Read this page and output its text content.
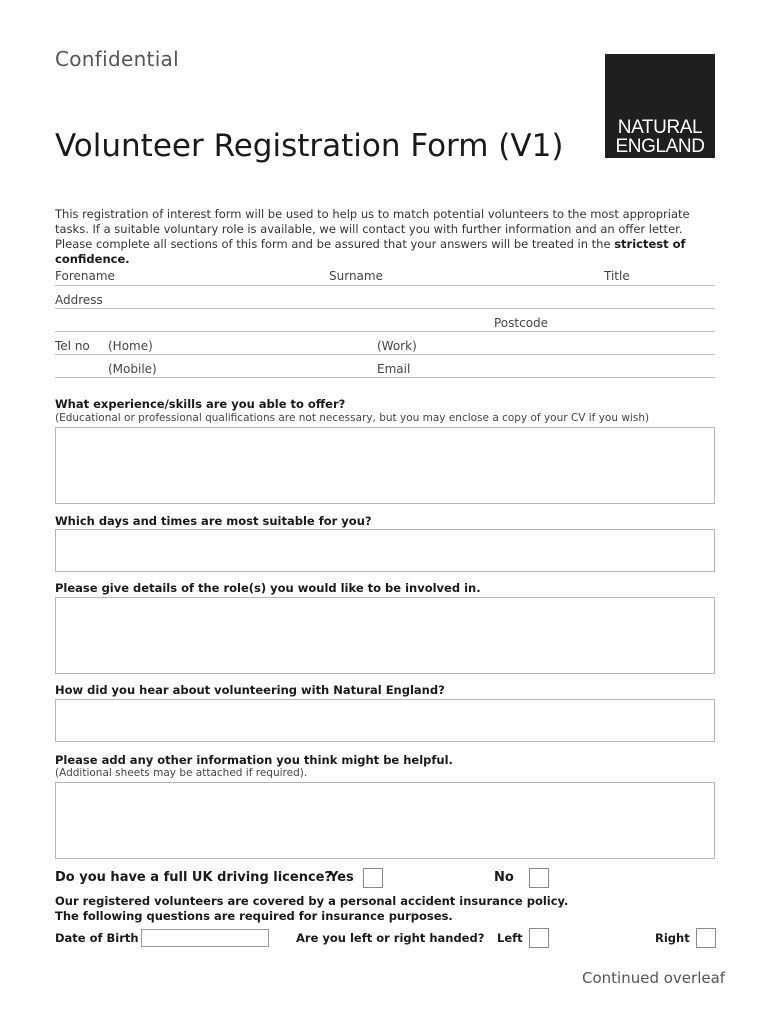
Confidential
NATURAL
ENGLAND
Volunteer Registration Form (V1)
This registration of interest form will be used to help us to match potential volunteers to the most appropriate tasks. If a suitable voluntary role is available, we will contact you with further information and an offer letter. Please complete all sections of this form and be assured that your answers will be treated in the strictest of confidence.
Forename	Surname	Title
Address
Postcode
Tel no (Home)	(Work)
(Mobile)	Email
What experience/skills are you able to offer?
(Educational or professional qualifications are not necessary, but you may enclose a copy of your CV if you wish)
Which days and times are most suitable for you?
Please give details of the role(s) you would like to be involved in.
How did you hear about volunteering with Natural England?
Please add any other information you think might be helpful.
(Additional sheets may be attached if required).
Do you have a full UK driving licence?
Yes	No
Our registered volunteers are covered by a personal accident insurance policy.
The following questions are required for insurance purposes.
Date of Birth	Are you left or right handed? Left	Right
Continued overleaf
